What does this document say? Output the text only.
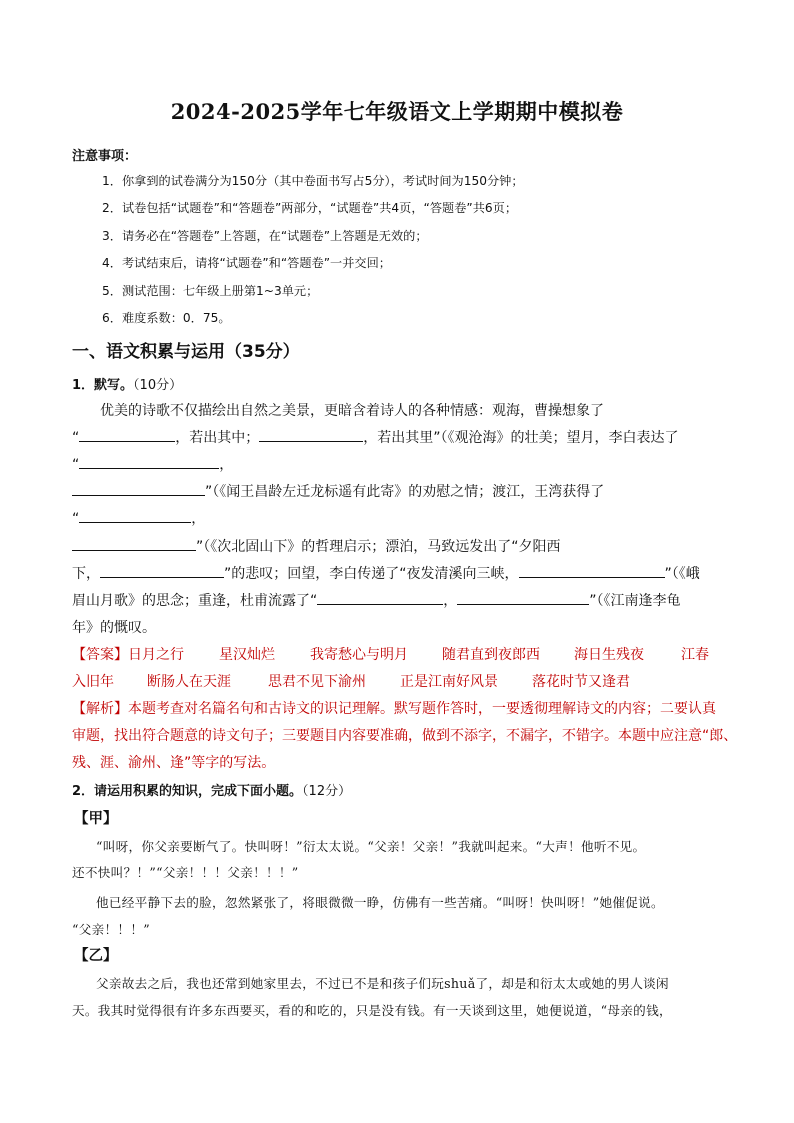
2024-2025学年七年级语文上学期期中模拟卷
注意事项：
1．你拿到的试卷满分为150分（其中卷面书写占5分），考试时间为150分钟；
2．试卷包括“试题卷”和“答题卷”两部分，“试题卷”共4页，“答题卷”共6页；
3．请务必在“答题卷”上答题，在“试题卷”上答题是无效的；
4．考试结束后，请将“试题卷”和“答题卷”一并交回；
5．测试范围：七年级上册第1~3单元；
6．难度系数：0．75。
一、语文积累与运用（35分）
1．默写。（10分）
优美的诗歌不仅描绘出自然之美景，更暗含着诗人的各种情感：观海，曹操想象了
“	，若出其中；	，若出其里”（《观沧海》的壮美；望月，李白表达了
“	，
”（《闻王昌龄左迁龙标遥有此寄》的劝慰之情；渡江，王湾获得了
“	，
”（《次北固山下》的哲理启示；漂泊，马致远发出了“夕阳西
下，	”的悲叹；回望，李白传递了“夜发清溪向三峡，	”（《峨
眉山月歌》的思念；重逢，杜甫流露了“	，	”（《江南逢李龟
年》的慨叹。
【答案】 日月之行	星汉灿烂	我寄愁心与明月 随君直到夜郎西 海日生残夜	江春
入旧年 断肠人在天涯	思君不见下渝州 正是江南好风景 落花时节又逢君
【解析】本题考查对名篇名句和古诗文的识记理解。默写题作答时，一要透彻理解诗文的内容；二要认真
审题，找出符合题意的诗文句子；三要题目内容要准确，做到不添字，不漏字，不错字。本题中应注意“郎、
残、涯、渝州、逢”等字的写法。
2．请运用积累的知识，完成下面小题。（12分）
【甲】
“叫呀，你父亲要断气了。快叫呀！”衍太太说。“父亲！父亲！”我就叫起来。“大声！他听不见。
还不快叫？！”“父亲！！！父亲！！！”
他已经平静下去的脸，忽然紧张了，将眼微微一睁，仿佛有一些苦痛。“叫呀！快叫呀！”她催促说。
“父亲！！！”
【乙】
父亲故去之后，我也还常到她家里去，不过已不是和孩子们玩shuǎ了，却是和衍太太或她的男人谈闲
天。我其时觉得很有许多东西要买，看的和吃的，只是没有钱。有一天谈到这里，她便说道，“母亲的钱，
